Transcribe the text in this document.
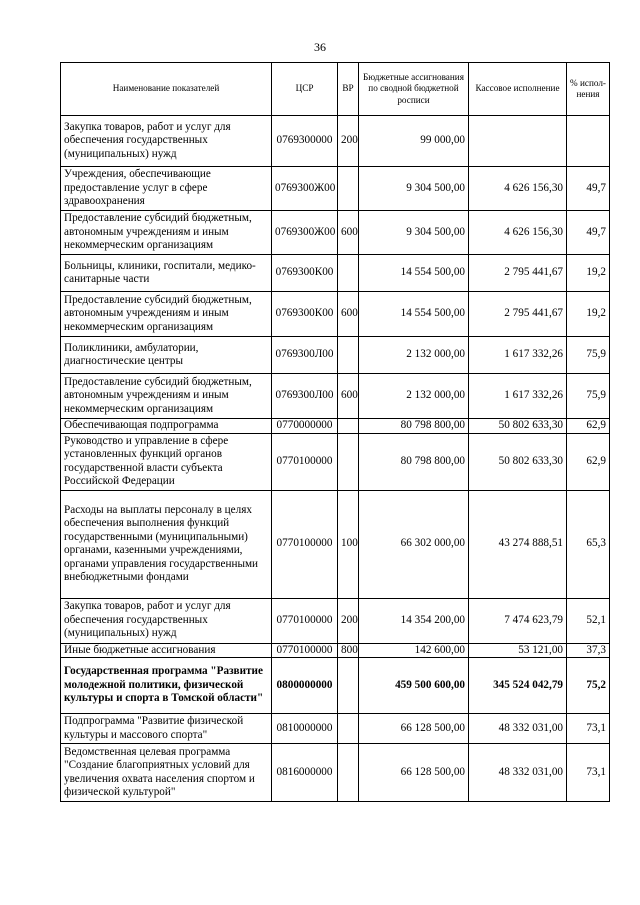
36
Наименование показателей	ЦСР	ВР	Бюджетные ассигнования по сводной бюджетной росписи	Кассовое исполнение	% испол-нения
Закупка товаров, работ и услуг для обеспечения государственных (муниципальных) нужд	0769300000	200	99 000,00		
Учреждения, обеспечивающие предоставление услуг в сфере здравоохранения	0769300Ж00		9 304 500,00	4 626 156,30	49,7
Предоставление субсидий бюджетным, автономным учреждениям и иным некоммерческим организациям	0769300Ж00	600	9 304 500,00	4 626 156,30	49,7
Больницы, клиники, госпитали, медико-санитарные части	0769300К00		14 554 500,00	2 795 441,67	19,2
Предоставление субсидий бюджетным, автономным учреждениям и иным некоммерческим организациям	0769300К00	600	14 554 500,00	2 795 441,67	19,2
Поликлиники, амбулатории, диагностические центры	0769300Л00		2 132 000,00	1 617 332,26	75,9
Предоставление субсидий бюджетным, автономным учреждениям и иным некоммерческим организациям	0769300Л00	600	2 132 000,00	1 617 332,26	75,9
Обеспечивающая подпрограмма	0770000000		80 798 800,00	50 802 633,30	62,9
Руководство и управление в сфере установленных функций органов государственной власти субъекта Российской Федерации	0770100000		80 798 800,00	50 802 633,30	62,9
Расходы на выплаты персоналу в целях обеспечения выполнения функций государственными (муниципальными) органами, казенными учреждениями, органами управления государственными внебюджетными фондами	0770100000	100	66 302 000,00	43 274 888,51	65,3
Закупка товаров, работ и услуг для обеспечения государственных (муниципальных) нужд	0770100000	200	14 354 200,00	7 474 623,79	52,1
Иные бюджетные ассигнования	0770100000	800	142 600,00	53 121,00	37,3
Государственная программа "Развитие молодежной политики, физической культуры и спорта в Томской области"	0800000000		459 500 600,00	345 524 042,79	75,2
Подпрограмма "Развитие физической культуры и массового спорта"	0810000000		66 128 500,00	48 332 031,00	73,1
Ведомственная целевая программа "Создание благоприятных условий для увеличения охвата населения спортом и физической культурой"	0816000000		66 128 500,00	48 332 031,00	73,1
